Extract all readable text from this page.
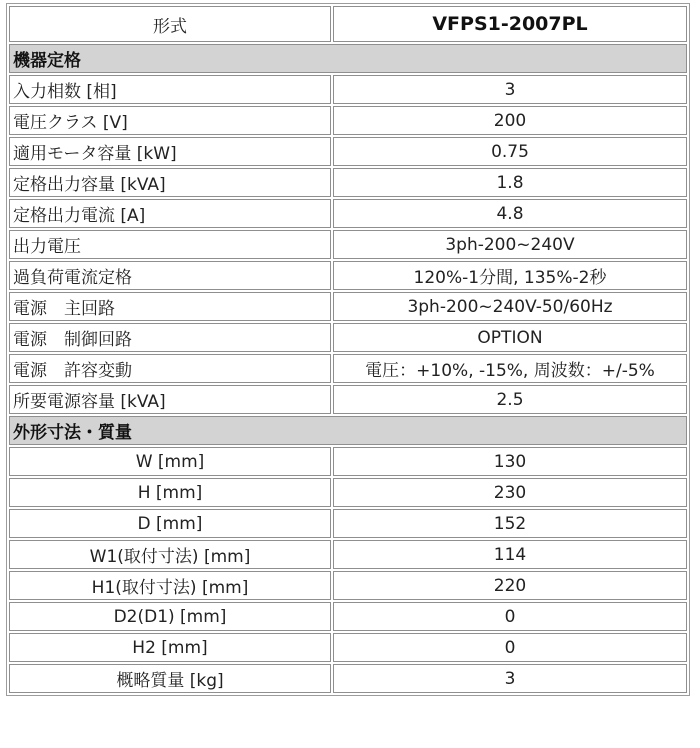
形式	VFPS1-2007PL
機器定格	
入力相数 [相]	3
電圧クラス [V]	200
適用モータ容量 [kW]	0.75
定格出力容量 [kVA]	1.8
定格出力電流 [A]	4.8
出力電圧	3ph-200~240V
過負荷電流定格	120%-1分間, 135%-2秒
電源　主回路	3ph-200~240V-50/60Hz
電源　制御回路	OPTION
電源　許容変動	電圧：+10%, -15%, 周波数：+/-5%
所要電源容量 [kVA]	2.5
外形寸法・質量	
W [mm]	130
H [mm]	230
D [mm]	152
W1(取付寸法) [mm]	114
H1(取付寸法) [mm]	220
D2(D1) [mm]	0
H2 [mm]	0
概略質量 [kg]	3
